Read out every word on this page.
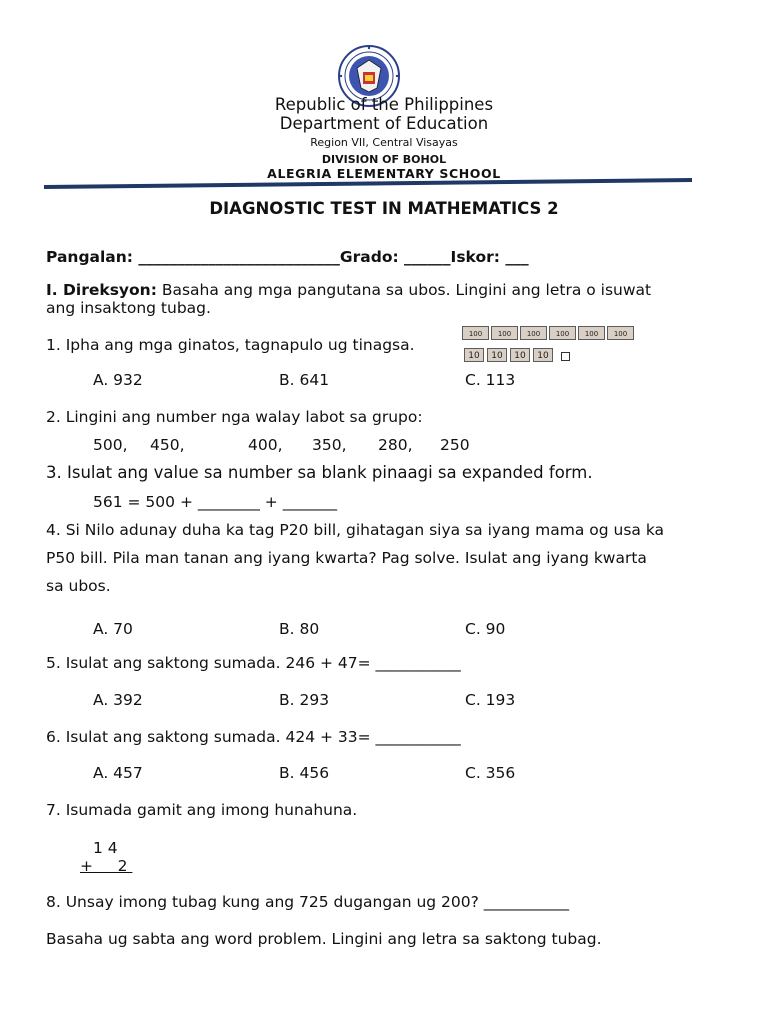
Republic of the Philippines
Department of Education
Region VII, Central Visayas
DIVISION OF BOHOL
ALEGRIA ELEMENTARY SCHOOL
DIAGNOSTIC TEST IN MATHEMATICS 2
Pangalan: __________________________Grado: ______Iskor: ___
I. Direksyon: Basaha ang mga pangutana sa ubos. Lingini ang letra o isuwat
ang insaktong tubag.
1. Ipha ang mga ginatos, tagnapulo ug tinagsa.
100	100	100	100	100	100
10	10	10	10
A. 932	B. 641	C. 113
2. Lingini ang number nga walay labot sa grupo:
500, 450,	400, 350, 280, 250
3. Isulat ang value sa number sa blank pinaagi sa expanded form.
561 = 500 + ________ + _______
4. Si Nilo adunay duha ka tag P20 bill, gihatagan siya sa iyang mama og usa ka
P50 bill. Pila man tanan ang iyang kwarta? Pag solve. Isulat ang iyang kwarta
sa ubos.
A. 70	B. 80	C. 90
5. Isulat ang saktong sumada. 246 + 47= ___________
A. 392	B. 293	C. 193
6. Isulat ang saktong sumada. 424 + 33= ___________
A. 457	B. 456	C. 356
7. Isumada gamit ang imong hunahuna.
1 4
+     2
8. Unsay imong tubag kung ang 725 dugangan ug 200? ___________
Basaha ug sabta ang word problem. Lingini ang letra sa saktong tubag.
